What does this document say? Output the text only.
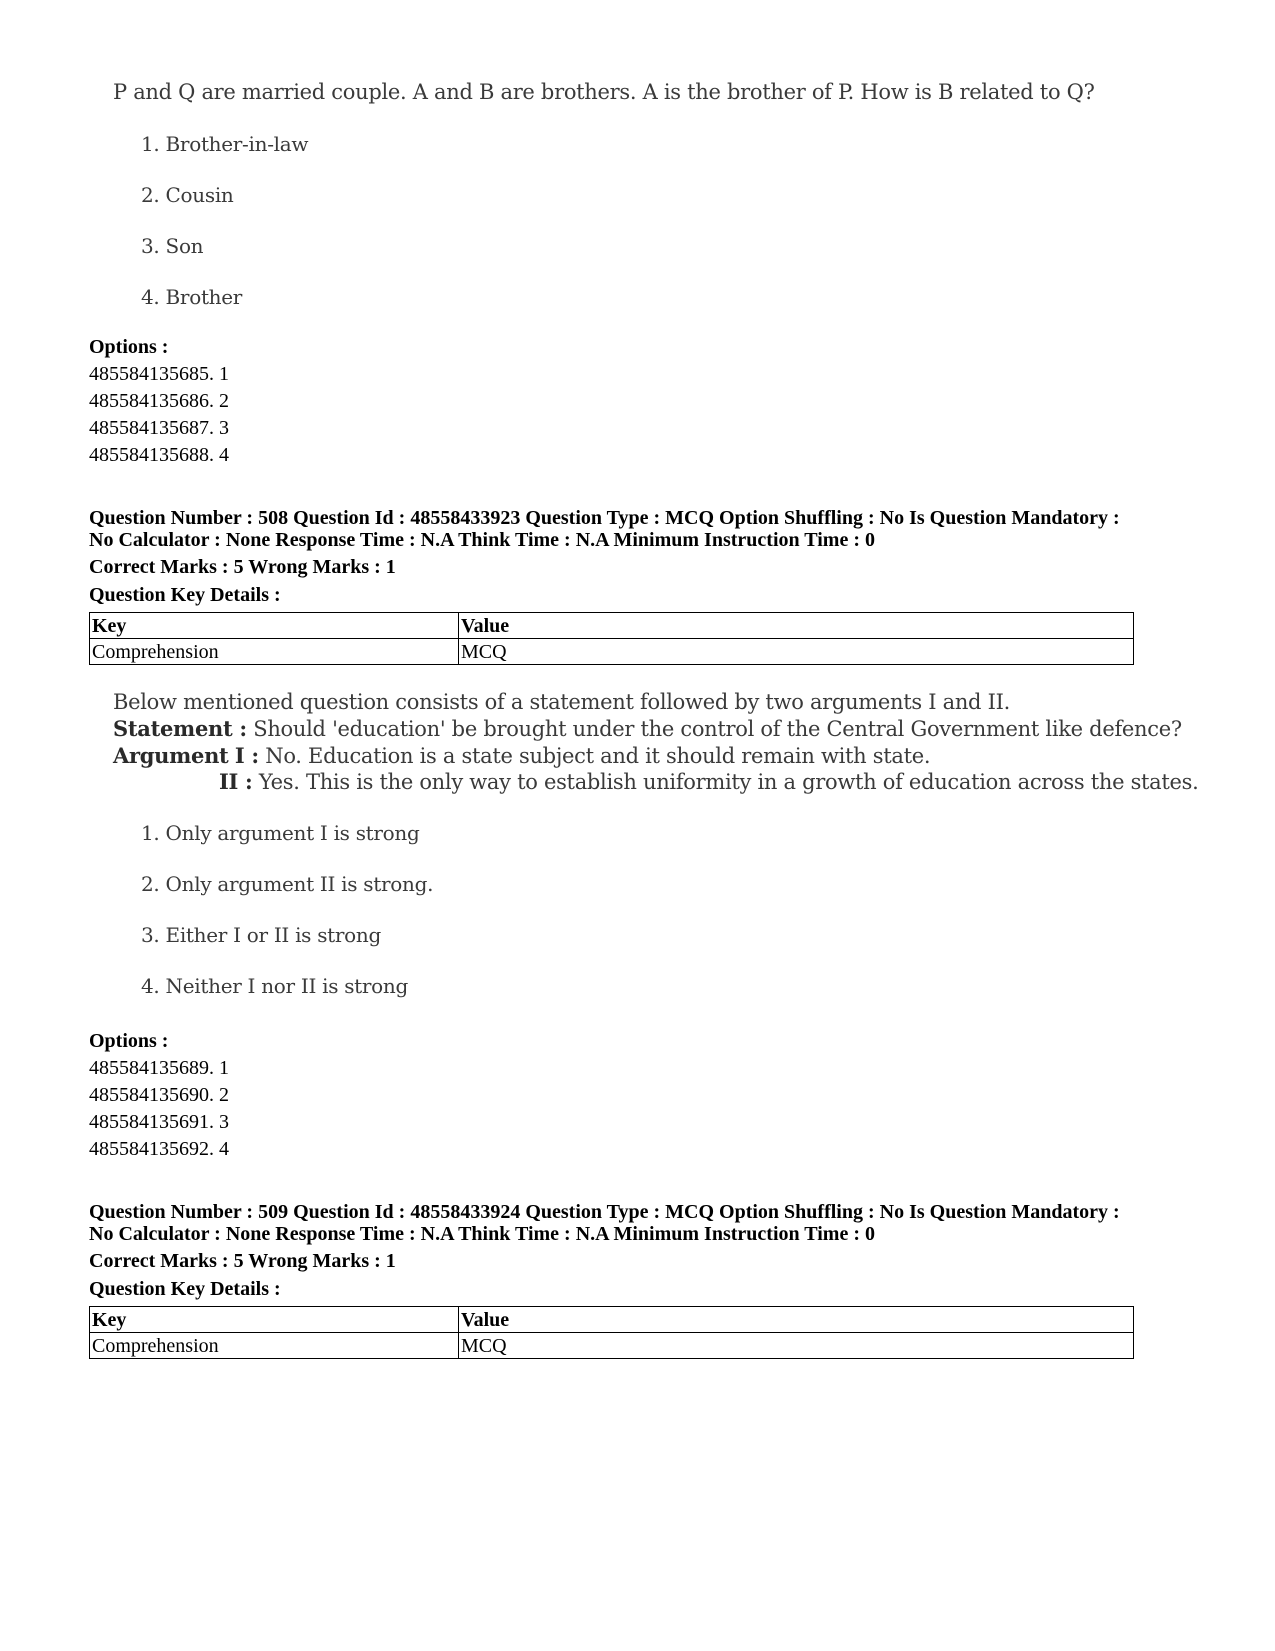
P and Q are married couple. A and B are brothers. A is the brother of P. How is B related to Q?
1. Brother-in-law
2. Cousin
3. Son
4. Brother
Options :
485584135685. 1
485584135686. 2
485584135687. 3
485584135688. 4
Question Number : 508 Question Id : 48558433923 Question Type : MCQ Option Shuffling : No Is Question Mandatory :
No Calculator : None Response Time : N.A Think Time : N.A Minimum Instruction Time : 0
Correct Marks : 5 Wrong Marks : 1
Question Key Details :
Key	Value
Comprehension	MCQ
Below mentioned question consists of a statement followed by two arguments I and II.
Statement : Should 'education' be brought under the control of the Central Government like defence?
Argument I : No. Education is a state subject and it should remain with state.
II : Yes. This is the only way to establish uniformity in a growth of education across the states.
1. Only argument I is strong
2. Only argument II is strong.
3. Either I or II is strong
4. Neither I nor II is strong
Options :
485584135689. 1
485584135690. 2
485584135691. 3
485584135692. 4
Question Number : 509 Question Id : 48558433924 Question Type : MCQ Option Shuffling : No Is Question Mandatory :
No Calculator : None Response Time : N.A Think Time : N.A Minimum Instruction Time : 0
Correct Marks : 5 Wrong Marks : 1
Question Key Details :
Key	Value
Comprehension	MCQ
